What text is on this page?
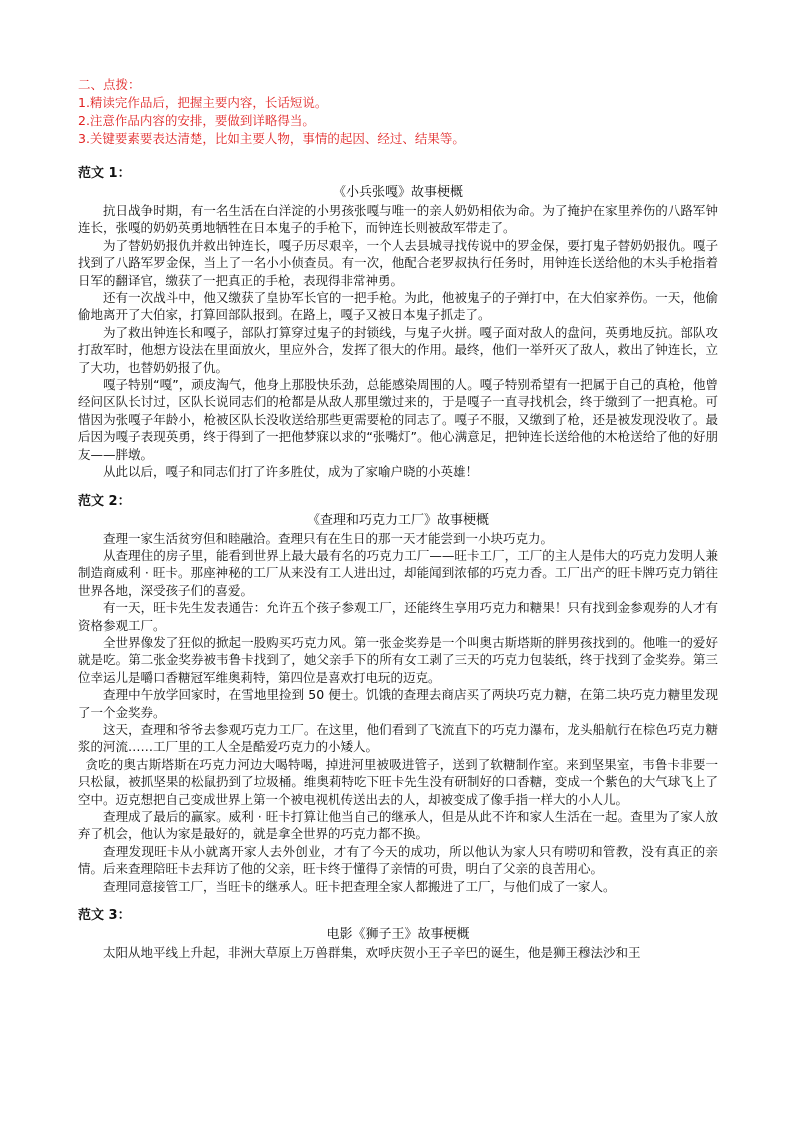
二、点拨：
1.精读完作品后，把握主要内容，长话短说。
2.注意作品内容的安排，要做到详略得当。
3.关键要素要表达清楚，比如主要人物，事情的起因、经过、结果等。
范文 1：
《小兵张嘎》故事梗概

抗日战争时期，有一名生活在白洋淀的小男孩张嘎与唯一的亲人奶奶相依为命。为了掩护在家里养伤的八路军钟连长，张嘎的奶奶英勇地牺牲在日本鬼子的手枪下，而钟连长则被敌军带走了。

为了替奶奶报仇并救出钟连长，嘎子历尽艰辛，一个人去县城寻找传说中的罗金保，要打鬼子替奶奶报仇。嘎子找到了八路军罗金保，当上了一名小小侦查员。有一次，他配合老罗叔执行任务时，用钟连长送给他的木头手枪指着日军的翻译官，缴获了一把真正的手枪，表现得非常神勇。

还有一次战斗中，他又缴获了皇协军长官的一把手枪。为此，他被鬼子的子弹打中，在大伯家养伤。一天，他偷偷地离开了大伯家，打算回部队报到。在路上，嘎子又被日本鬼子抓走了。

为了救出钟连长和嘎子，部队打算穿过鬼子的封锁线，与鬼子火拼。嘎子面对敌人的盘问，英勇地反抗。部队攻打敌军时，他想方设法在里面放火，里应外合，发挥了很大的作用。最终，他们一举歼灭了敌人，救出了钟连长，立了大功，也替奶奶报了仇。

嘎子特别“嘎”，顽皮淘气，他身上那股快乐劲，总能感染周围的人。嘎子特别希望有一把属于自己的真枪，他曾经问区队长讨过，区队长说同志们的枪都是从敌人那里缴过来的，于是嘎子一直寻找机会，终于缴到了一把真枪。可惜因为张嘎子年龄小，枪被区队长没收送给那些更需要枪的同志了。嘎子不服，又缴到了枪，还是被发现没收了。最后因为嘎子表现英勇，终于得到了一把他梦寐以求的“张嘴灯”。他心满意足，把钟连长送给他的木枪送给了他的好朋友——胖墩。

从此以后，嘎子和同志们打了许多胜仗，成为了家喻户晓的小英雄！

范文 2：
《查理和巧克力工厂》故事梗概

查理一家生活贫穷但和睦融洽。查理只有在生日的那一天才能尝到一小块巧克力。

从查理住的房子里，能看到世界上最大最有名的巧克力工厂——旺卡工厂，工厂的主人是伟大的巧克力发明人兼制造商威利 · 旺卡。那座神秘的工厂从来没有工人进出过，却能闻到浓郁的巧克力香。工厂出产的旺卡牌巧克力销往世界各地，深受孩子们的喜爱。

有一天，旺卡先生发表通告：允许五个孩子参观工厂，还能终生享用巧克力和糖果！只有找到金参观券的人才有资格参观工厂。

全世界像发了狂似的掀起一股购买巧克力风。第一张金奖券是一个叫奥古斯塔斯的胖男孩找到的。他唯一的爱好就是吃。第二张金奖券被韦鲁卡找到了，她父亲手下的所有女工剥了三天的巧克力包装纸，终于找到了金奖券。第三位幸运儿是嚼口香糖冠军维奥莉特，第四位是喜欢打电玩的迈克。

查理中午放学回家时，在雪地里捡到 50 便士。饥饿的查理去商店买了两块巧克力糖，在第二块巧克力糖里发现了一个金奖券。

这天，查理和爷爷去参观巧克力工厂。在这里，他们看到了飞流直下的巧克力瀑布，龙头船航行在棕色巧克力糖浆的河流……工厂里的工人全是酷爱巧克力的小矮人。

贪吃的奥古斯塔斯在巧克力河边大喝特喝，掉进河里被吸进管子，送到了软糖制作室。来到坚果室，韦鲁卡非要一只松鼠，被抓坚果的松鼠扔到了垃圾桶。维奥莉特吃下旺卡先生没有研制好的口香糖，变成一个紫色的大气球飞上了空中。迈克想把自己变成世界上第一个被电视机传送出去的人，却被变成了像手指一样大的小人儿。

查理成了最后的赢家。威利 · 旺卡打算让他当自己的继承人，但是从此不许和家人生活在一起。查里为了家人放弃了机会，他认为家是最好的，就是拿全世界的巧克力都不换。

查理发现旺卡从小就离开家人去外创业，才有了今天的成功，所以他认为家人只有唠叨和管教，没有真正的亲情。后来查理陪旺卡去拜访了他的父亲，旺卡终于懂得了亲情的可贵，明白了父亲的良苦用心。

查理同意接管工厂，当旺卡的继承人。旺卡把查理全家人都搬进了工厂，与他们成了一家人。

范文 3：
电影《狮子王》故事梗概

太阳从地平线上升起，非洲大草原上万兽群集，欢呼庆贺小王子辛巴的诞生，他是狮王穆法沙和王
